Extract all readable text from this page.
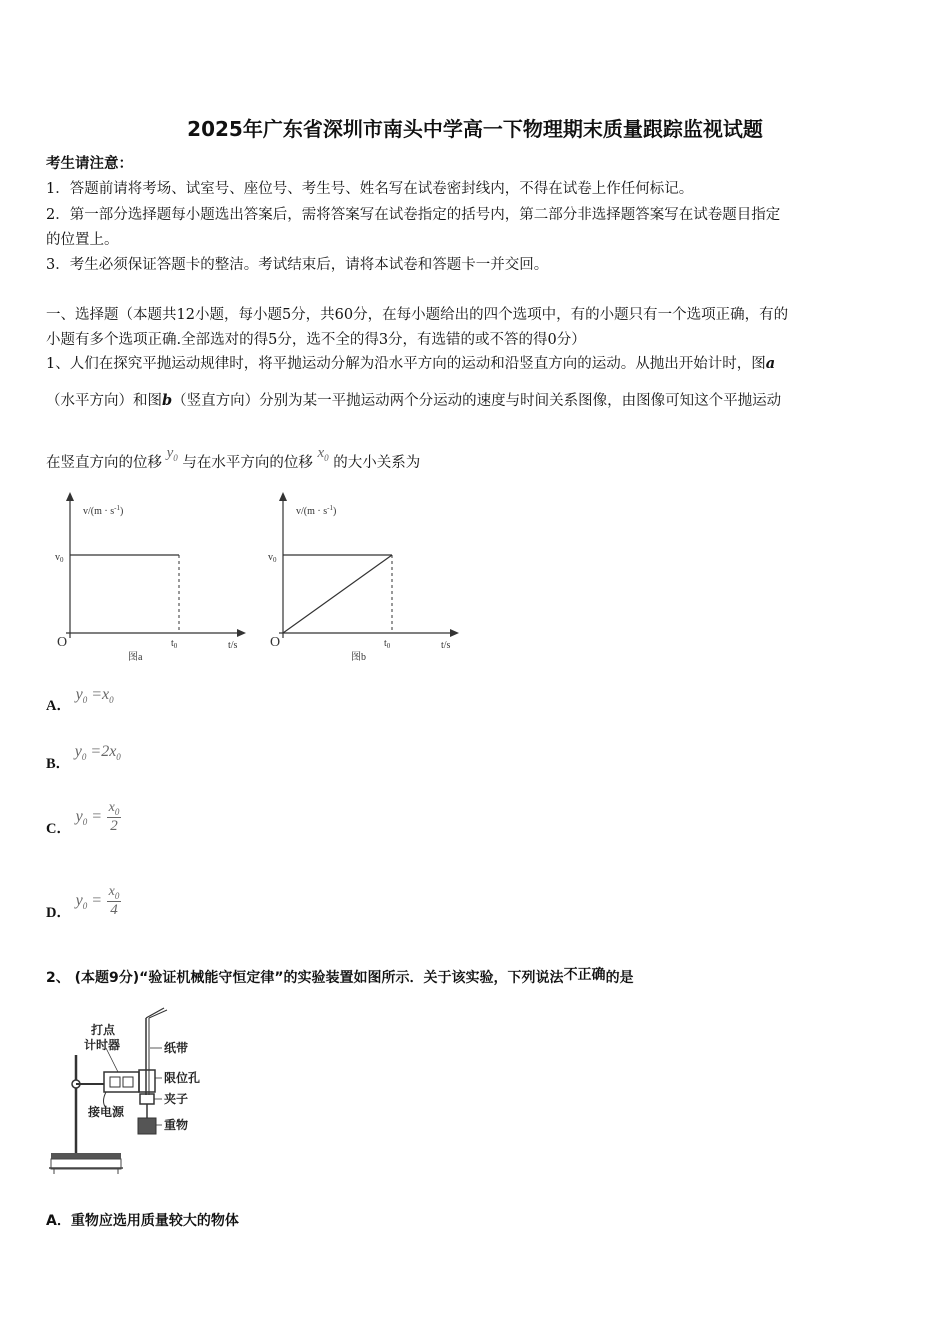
2025年广东省深圳市南头中学高一下物理期末质量跟踪监视试题
考生请注意：
1．答题前请将考场、试室号、座位号、考生号、姓名写在试卷密封线内，不得在试卷上作任何标记。
2．第一部分选择题每小题选出答案后，需将答案写在试卷指定的括号内，第二部分非选择题答案写在试卷题目指定
的位置上。
3．考生必须保证答题卡的整洁。考试结束后，请将本试卷和答题卡一并交回。
一、选择题（本题共12小题，每小题5分，共60分，在每小题给出的四个选项中，有的小题只有一个选项正确，有的
小题有多个选项正确.全部选对的得5分，选不全的得3分，有选错的或不答的得0分）
1、人们在探究平抛运动规律时，将平抛运动分解为沿水平方向的运动和沿竖直方向的运动。从抛出开始计时，图a
（水平方向）和图b（竖直方向）分别为某一平抛运动两个分运动的速度与时间关系图像，由图像可知这个平抛运动
在竖直方向的位移 $y_0$ 与在水平方向的位移 $x_0$ 的大小关系为
$v/(m \cdot s^{-1})$
$v_0$
O	$t_0$	t/s
图a
$v/(m \cdot s^{-1})$
$v_0$
O	$t_0$	t/s
图b
A． $y_0 =x_0$
B． $y_0 =2x_0$
C． $y_0 = \frac{x_0}{2}$
D． $y_0 = \frac{x_0}{4}$
2、 (本题9分)“验证机械能守恒定律”的实验装置如图所示．关于该实验，下列说法不正确的是
打点
计时器	纸带
限位孔
夹子
接电源
重物
A．重物应选用质量较大的物体
